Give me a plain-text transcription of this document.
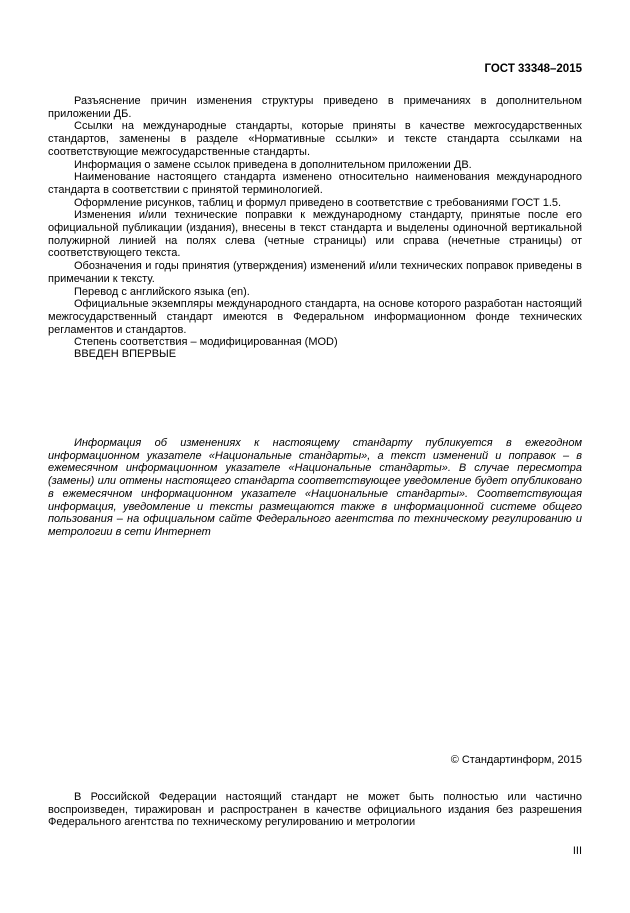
ГОСТ 33348–2015

Разъяснение причин изменения структуры приведено в примечаниях в дополнительном приложении ДБ.

Ссылки на международные стандарты, которые приняты в качестве межгосударственных стандартов, заменены в разделе «Нормативные ссылки» и тексте стандарта ссылками на соответствующие межгосударственные стандарты.

Информация о замене ссылок приведена в дополнительном приложении ДВ.

Наименование настоящего стандарта изменено относительно наименования международного стандарта в соответствии с принятой терминологией.

Оформление рисунков, таблиц и формул приведено в соответствие с требованиями ГОСТ 1.5.

Изменения и/или технические поправки к международному стандарту, принятые после его официальной публикации (издания), внесены в текст стандарта и выделены одиночной вертикальной полужирной линией на полях слева (четные страницы) или справа (нечетные страницы) от соответствующего текста.

Обозначения и годы принятия (утверждения) изменений и/или технических поправок приведены в примечании к тексту.

Перевод с английского языка (en).

Официальные экземпляры международного стандарта, на основе которого разработан настоящий межгосударственный стандарт имеются в Федеральном информационном фонде технических регламентов и стандартов.

Степень соответствия – модифицированная (MOD)

ВВЕДЕН ВПЕРВЫЕ

Информация об изменениях к настоящему стандарту публикуется в ежегодном информационном указателе «Национальные стандарты», а текст изменений и поправок – в ежемесячном информационном указателе «Национальные стандарты». В случае пересмотра (замены) или отмены настоящего стандарта соответствующее уведомление будет опубликовано в ежемесячном информационном указателе «Национальные стандарты». Соответствующая информация, уведомление и тексты размещаются также в информационной системе общего пользования – на официальном сайте Федерального агентства по техническому регулированию и метрологии в сети Интернет

© Стандартинформ, 2015

В Российской Федерации настоящий стандарт не может быть полностью или частично воспроизведен, тиражирован и распространен в качестве официального издания без разрешения Федерального агентства по техническому регулированию и метрологии

III
